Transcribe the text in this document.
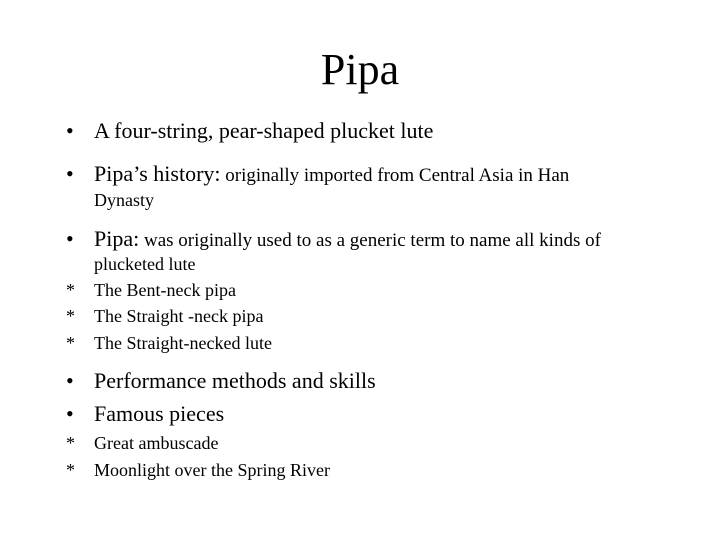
Pipa
• A four-string, pear-shaped plucket lute
• Pipa’s history: originally imported from Central Asia in Han
Dynasty
• Pipa: was originally used to as a generic term to name all kinds of
plucketed lute
* The Bent-neck pipa
* The Straight -neck pipa
* The Straight-necked lute
• Performance methods and skills
• Famous pieces
* Great ambuscade
* Moonlight over the Spring River
